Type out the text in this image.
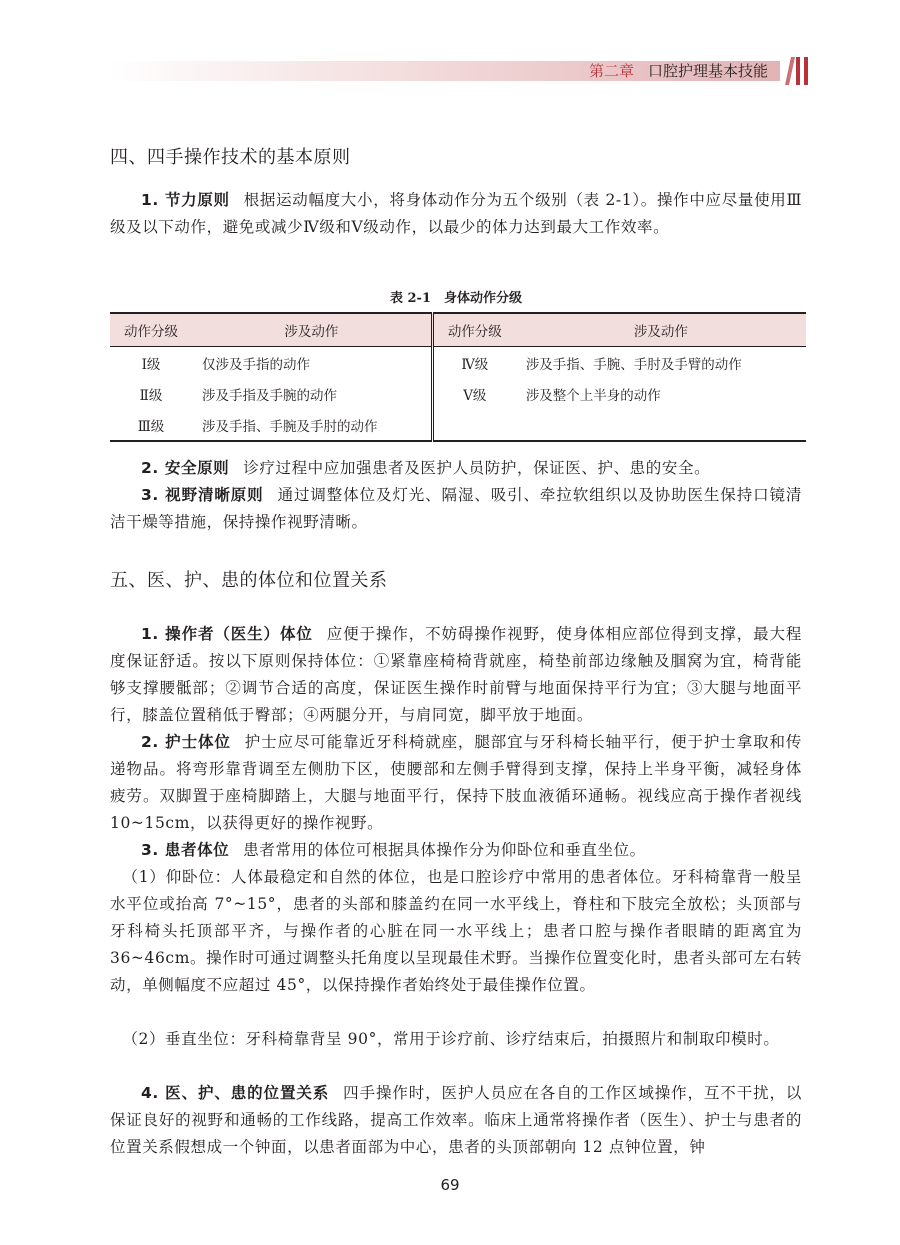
第二章 口腔护理基本技能
四、四手操作技术的基本原则

1. 节力原则 根据运动幅度大小，将身体动作分为五个级别（表 2-1）。操作中应尽量使用Ⅲ级及以下动作，避免或减少Ⅳ级和Ⅴ级动作，以最少的体力达到最大工作效率。

表 2-1　身体动作分级
动作分级	涉及动作	动作分级	涉及动作
Ⅰ级	仅涉及手指的动作	Ⅳ级	涉及手指、手腕、手肘及手臂的动作
Ⅱ级	涉及手指及手腕的动作	Ⅴ级	涉及整个上半身的动作
Ⅲ级	涉及手指、手腕及手肘的动作		

2. 安全原则 诊疗过程中应加强患者及医护人员防护，保证医、护、患的安全。

3. 视野清晰原则 通过调整体位及灯光、隔湿、吸引、牵拉软组织以及协助医生保持口镜清洁干燥等措施，保持操作视野清晰。

五、医、护、患的体位和位置关系

1. 操作者（医生）体位 应便于操作，不妨碍操作视野，使身体相应部位得到支撑，最大程度保证舒适。按以下原则保持体位：①紧靠座椅椅背就座，椅垫前部边缘触及腘窝为宜，椅背能够支撑腰骶部；②调节合适的高度，保证医生操作时前臂与地面保持平行为宜；③大腿与地面平行，膝盖位置稍低于臀部；④两腿分开，与肩同宽，脚平放于地面。

2. 护士体位 护士应尽可能靠近牙科椅就座，腿部宜与牙科椅长轴平行，便于护士拿取和传递物品。将弯形靠背调至左侧肋下区，使腰部和左侧手臂得到支撑，保持上半身平衡，减轻身体疲劳。双脚置于座椅脚踏上，大腿与地面平行，保持下肢血液循环通畅。视线应高于操作者视线 10~15cm，以获得更好的操作视野。

3. 患者体位 患者常用的体位可根据具体操作分为仰卧位和垂直坐位。

（1）仰卧位：人体最稳定和自然的体位，也是口腔诊疗中常用的患者体位。牙科椅靠背一般呈水平位或抬高 7°~15°，患者的头部和膝盖约在同一水平线上，脊柱和下肢完全放松；头顶部与牙科椅头托顶部平齐，与操作者的心脏在同一水平线上；患者口腔与操作者眼睛的距离宜为 36~46cm。操作时可通过调整头托角度以呈现最佳术野。当操作位置变化时，患者头部可左右转动，单侧幅度不应超过 45°，以保持操作者始终处于最佳操作位置。

（2）垂直坐位：牙科椅靠背呈 90°，常用于诊疗前、诊疗结束后，拍摄照片和制取印模时。

4. 医、护、患的位置关系 四手操作时，医护人员应在各自的工作区域操作，互不干扰，以保证良好的视野和通畅的工作线路，提高工作效率。临床上通常将操作者（医生）、护士与患者的位置关系假想成一个钟面，以患者面部为中心，患者的头顶部朝向 12 点钟位置，钟

69
